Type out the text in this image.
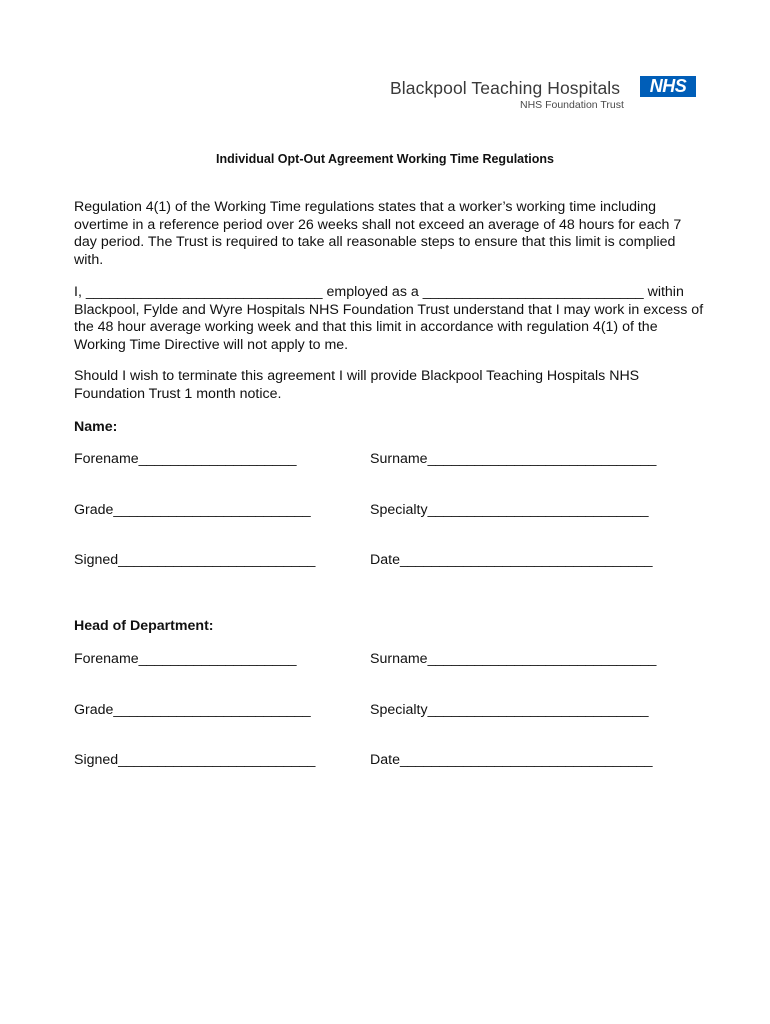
Blackpool Teaching Hospitals	NHS
NHS Foundation Trust
Individual Opt-Out Agreement Working Time Regulations

Regulation 4(1) of the Working Time regulations states that a worker’s working time including overtime in a reference period over 26 weeks shall not exceed an average of 48 hours for each 7 day period. The Trust is required to take all reasonable steps to ensure that this limit is complied with.

I, ______________________________ employed as a ____________________________ within Blackpool, Fylde and Wyre Hospitals NHS Foundation Trust understand that I may work in excess of the 48 hour average working week and that this limit in accordance with regulation 4(1) of the Working Time Directive will not apply to me.

Should I wish to terminate this agreement I will provide Blackpool Teaching Hospitals NHS Foundation Trust 1 month notice.

Name:
Forename____________________	Surname_____________________________
Grade_________________________	Specialty____________________________
Signed_________________________	Date________________________________
Head of Department:
Forename____________________	Surname_____________________________
Grade_________________________	Specialty____________________________
Signed_________________________	Date________________________________
